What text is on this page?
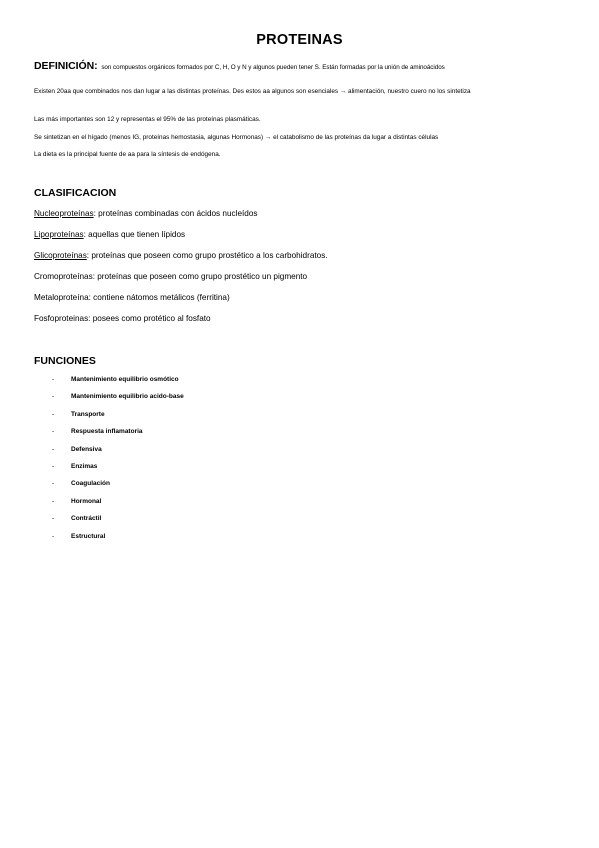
PROTEINAS
DEFINICIÓN: son compuestos orgánicos formados por C, H, O y N y algunos pueden tener S. Están formadas por la unión de aminoácidos
Existen 20aa que combinados nos dan lugar a las distintas proteínas. Des estos aa algunos son esenciales → alimentación, nuestro cuero no los sintetiza
Las más importantes son 12 y representas el 95% de las proteínas plasmáticas.
Se sintetizan en el hígado (menos IG, proteínas hemostasia, algunas Hormonas) → el catabolismo de las proteínas da lugar a distintas células
La dieta es la principal fuente de aa para la síntesis de endógena.
CLASIFICACION
Nucleoproteínas: proteínas combinadas con ácidos nucleídos
Lipoproteínas: aquellas que tienen lípidos
Glicoproteínas: proteínas que poseen como grupo prostético a los carbohidratos.
Cromoproteínas: proteínas que poseen como grupo prostético un pigmento
Metaloproteína: contiene nátomos metálicos (ferritina)
Fosfoproteinas: posees como protético al fosfato
FUNCIONES
-	Mantenimiento equilibrio osmótico
-	Mantenimiento equilibrio acido-base
-	Transporte
-	Respuesta inflamatoria
-	Defensiva
-	Enzimas
-	Coagulación
-	Hormonal
-	Contráctil
-	Estructural
